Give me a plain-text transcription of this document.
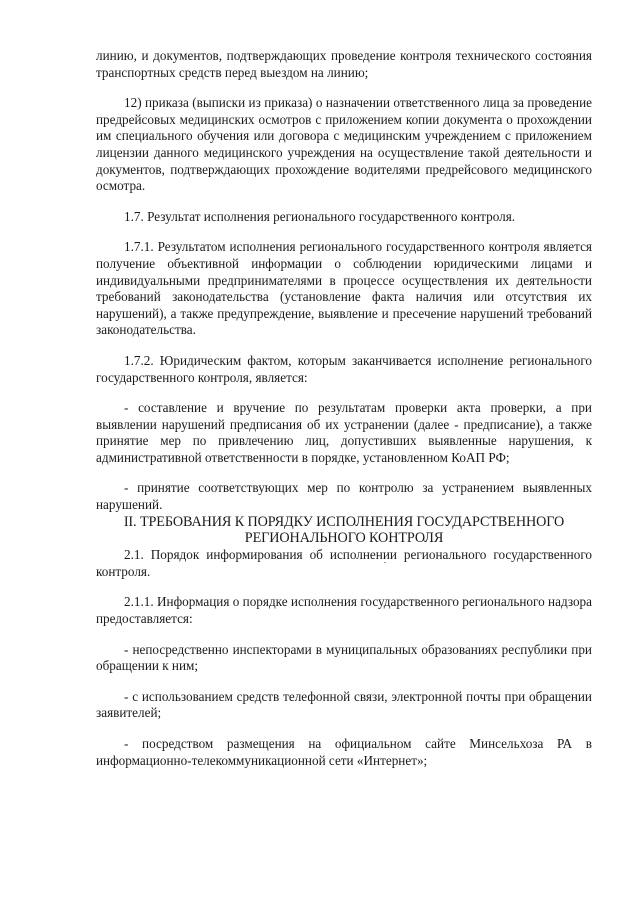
линию, и документов, подтверждающих проведение контроля технического состояния транспортных средств перед выездом на линию;

12) приказа (выписки из приказа) о назначении ответственного лица за проведение предрейсовых медицинских осмотров с приложением копии документа о прохождении им специального обучения или договора с медицинским учреждением с приложением лицензии данного медицинского учреждения на осуществление такой деятельности и документов, подтверждающих прохождение водителями предрейсового медицинского осмотра.

1.7. Результат исполнения регионального государственного контроля.

1.7.1. Результатом исполнения регионального государственного контроля является получение объективной информации о соблюдении юридическими лицами и индивидуальными предпринимателями в процессе осуществления их деятельности требований законодательства (установление факта наличия или отсутствия их нарушений), а также предупреждение, выявление и пресечение нарушений требований законодательства.

1.7.2. Юридическим фактом, которым заканчивается исполнение регионального государственного контроля, является:

- составление и вручение по результатам проверки акта проверки, а при выявлении нарушений предписания об их устранении (далее - предписание), а также принятие мер по привлечению лиц, допустивших выявленные нарушения, к административной ответственности в порядке, установленном КоАП РФ;

- принятие соответствующих мер по контролю за устранением выявленных нарушений.

II. ТРЕБОВАНИЯ К ПОРЯДКУ ИСПОЛНЕНИЯ ГОСУДАРСТВЕННОГО

РЕГИОНАЛЬНОГО КОНТРОЛЯ

2.1. Порядок информирования об исполнении регионального государственного контроля.

2.1.1. Информация о порядке исполнения государственного регионального надзора предоставляется:

- непосредственно инспекторами в муниципальных образованиях республики при обращении к ним;

- с использованием средств телефонной связи, электронной почты при обращении заявителей;

- посредством размещения на официальном сайте Минсельхоза РА в информационно-телекоммуникационной сети «Интернет»;
